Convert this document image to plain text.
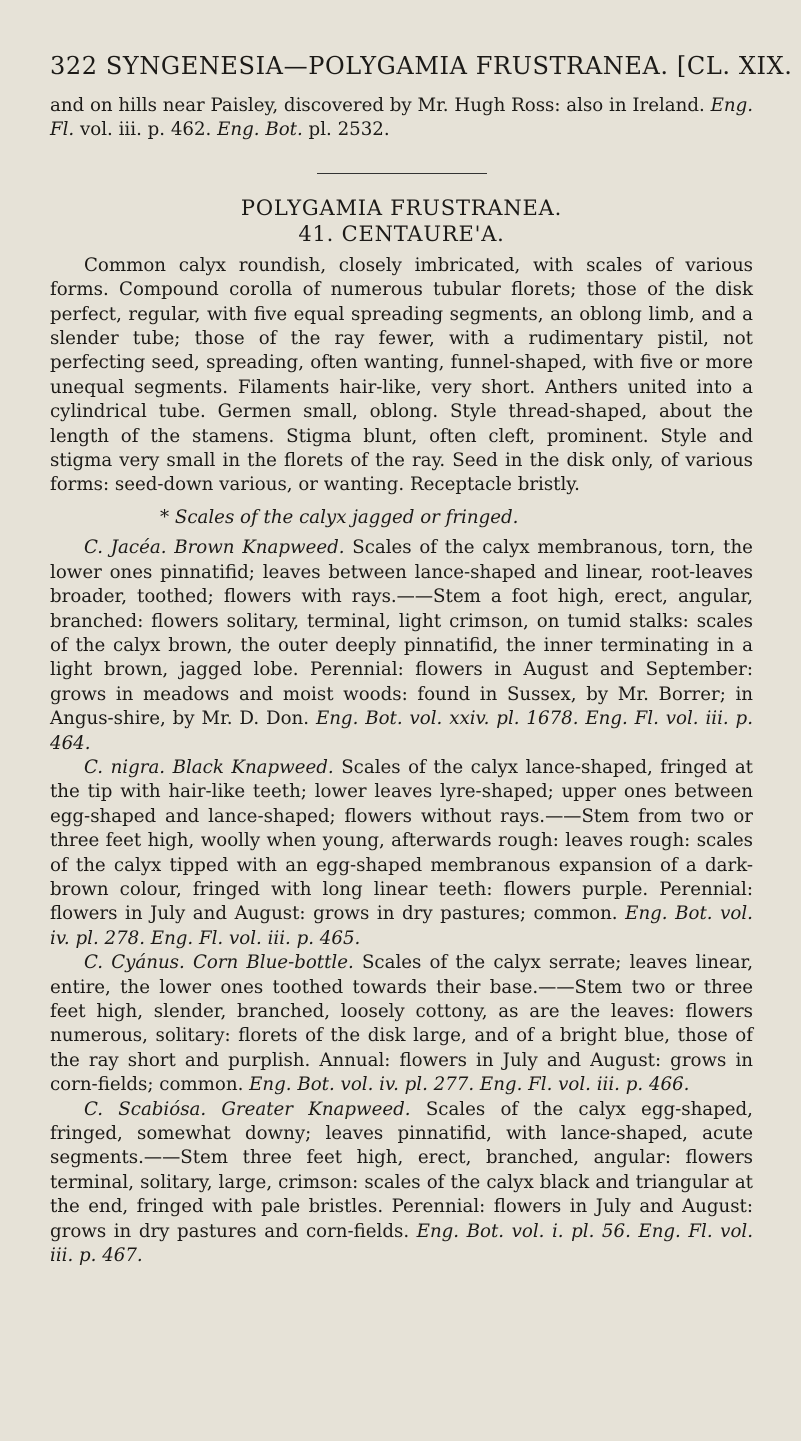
322 SYNGENESIA—POLYGAMIA FRUSTRANEA. [CL. XIX.

and on hills near Paisley, discovered by Mr. Hugh Ross: also in Ireland. Eng. Fl. vol. iii. p. 462. Eng. Bot. pl. 2532.

POLYGAMIA FRUSTRANEA.
41. CENTAURE'A.

Common calyx roundish, closely imbricated, with scales of various forms. Compound corolla of numerous tubular florets; those of the disk perfect, regular, with five equal spreading segments, an oblong limb, and a slender tube; those of the ray fewer, with a rudimentary pistil, not perfecting seed, spreading, often wanting, funnel-shaped, with five or more unequal segments. Filaments hair-like, very short. Anthers united into a cylindrical tube. Germen small, oblong. Style thread-shaped, about the length of the stamens. Stigma blunt, often cleft, prominent. Style and stigma very small in the florets of the ray. Seed in the disk only, of various forms: seed-down various, or wanting. Receptacle bristly.

* Scales of the calyx jagged or fringed.

C. Jacéa. Brown Knapweed. Scales of the calyx membranous, torn, the lower ones pinnatifid; leaves between lance-shaped and linear, root-leaves broader, toothed; flowers with rays.——Stem a foot high, erect, angular, branched: flowers solitary, terminal, light crimson, on tumid stalks: scales of the calyx brown, the outer deeply pinnatifid, the inner terminating in a light brown, jagged lobe. Perennial: flowers in August and September: grows in meadows and moist woods: found in Sussex, by Mr. Borrer; in Angus-shire, by Mr. D. Don. Eng. Bot. vol. xxiv. pl. 1678. Eng. Fl. vol. iii. p. 464.

C. nigra. Black Knapweed. Scales of the calyx lance-shaped, fringed at the tip with hair-like teeth; lower leaves lyre-shaped; upper ones between egg-shaped and lance-shaped; flowers without rays.——Stem from two or three feet high, woolly when young, afterwards rough: leaves rough: scales of the calyx tipped with an egg-shaped membranous expansion of a dark-brown colour, fringed with long linear teeth: flowers purple. Perennial: flowers in July and August: grows in dry pastures; common. Eng. Bot. vol. iv. pl. 278. Eng. Fl. vol. iii. p. 465.

C. Cyánus. Corn Blue-bottle. Scales of the calyx serrate; leaves linear, entire, the lower ones toothed towards their base.——Stem two or three feet high, slender, branched, loosely cottony, as are the leaves: flowers numerous, solitary: florets of the disk large, and of a bright blue, those of the ray short and purplish. Annual: flowers in July and August: grows in corn-fields; common. Eng. Bot. vol. iv. pl. 277. Eng. Fl. vol. iii. p. 466.

C. Scabiósa. Greater Knapweed. Scales of the calyx egg-shaped, fringed, somewhat downy; leaves pinnatifid, with lance-shaped, acute segments.——Stem three feet high, erect, branched, angular: flowers terminal, solitary, large, crimson: scales of the calyx black and triangular at the end, fringed with pale bristles. Perennial: flowers in July and August: grows in dry pastures and corn-fields. Eng. Bot. vol. i. pl. 56. Eng. Fl. vol. iii. p. 467.
